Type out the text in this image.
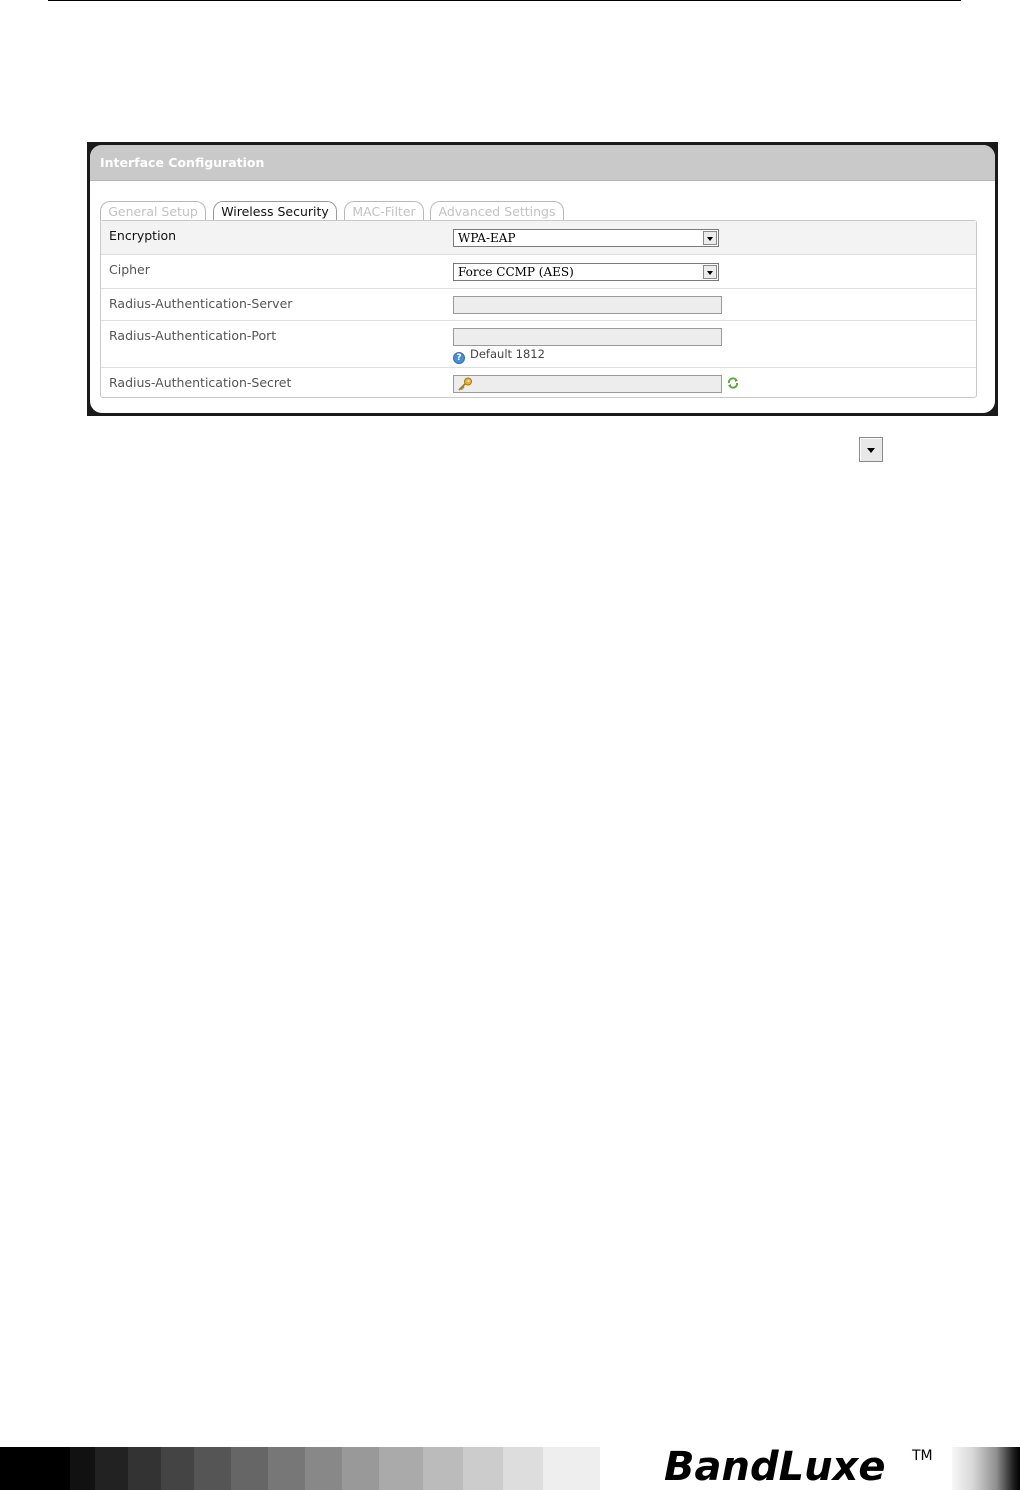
Interface Configuration
General Setup	Wireless Security	MAC-Filter	Advanced Settings
Encryption	WPA-EAP
Cipher	Force CCMP (AES)
Radius-Authentication-Server
Radius-Authentication-Port
? Default 1812
Radius-Authentication-Secret
BandLuxe TM
